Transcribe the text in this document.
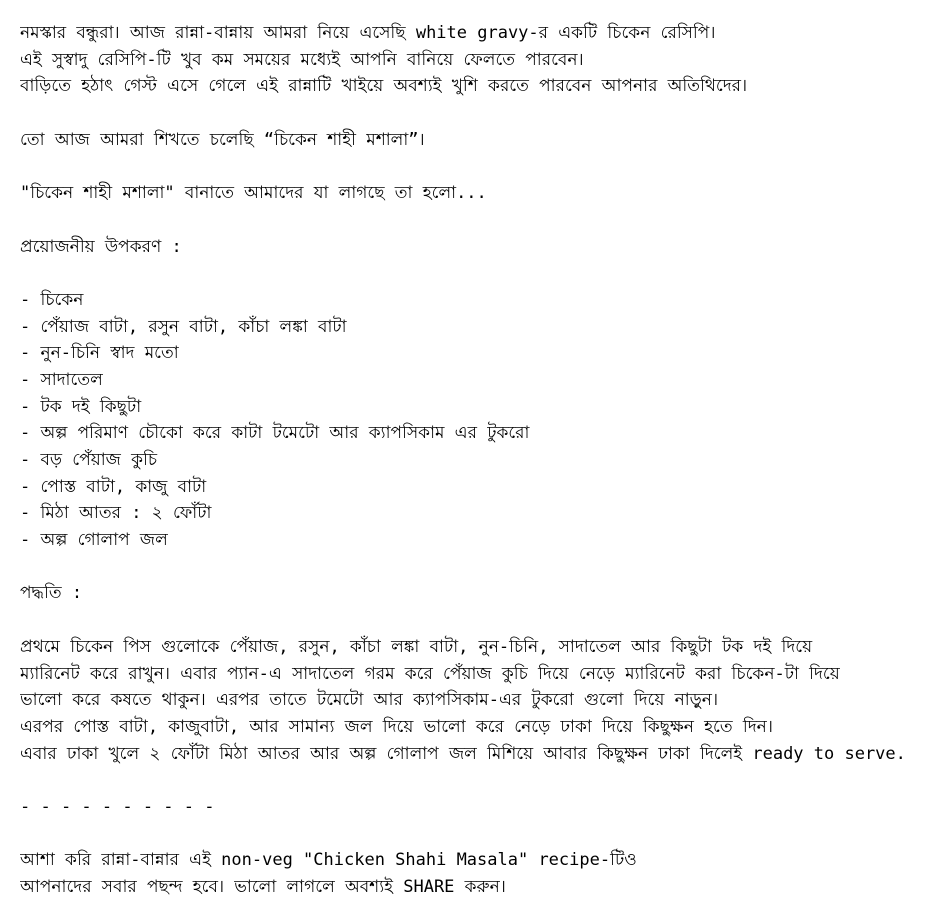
নমস্কার বন্ধুরা। আজ রান্না-বান্নায় আমরা নিয়ে এসেছি white gravy-র একটি চিকেন রেসিপি।
এই সুস্বাদু রেসিপি-টি খুব কম সময়ের মধ্যেই আপনি বানিয়ে ফেলতে পারবেন।
বাড়িতে হঠাৎ গেস্ট এসে গেলে এই রান্নাটি খাইয়ে অবশ্যই খুশি করতে পারবেন আপনার অতিথিদের।
তো আজ আমরা শিখতে চলেছি “চিকেন শাহী মশালা”।
"চিকেন শাহী মশালা" বানাতে আমাদের যা লাগছে তা হলো...
প্রয়োজনীয় উপকরণ :
- চিকেন
- পেঁয়াজ বাটা, রসুন বাটা, কাঁচা লঙ্কা বাটা
- নুন-চিনি স্বাদ মতো
- সাদাতেল
- টক দই কিছুটা
- অল্প পরিমাণ চৌকো করে কাটা টমেটো আর ক্যাপসিকাম এর টুকরো
- বড় পেঁয়াজ কুচি
- পোস্ত বাটা, কাজু বাটা
- মিঠা আতর : ২ ফোঁটা
- অল্প গোলাপ জল
পদ্ধতি :
প্রথমে চিকেন পিস গুলোকে পেঁয়াজ, রসুন, কাঁচা লঙ্কা বাটা, নুন-চিনি, সাদাতেল আর কিছুটা টক দই দিয়ে
ম্যারিনেট করে রাখুন। এবার প্যান-এ সাদাতেল গরম করে পেঁয়াজ কুচি দিয়ে নেড়ে ম্যারিনেট করা চিকেন-টা দিয়ে
ভালো করে কষতে থাকুন। এরপর তাতে টমেটো আর ক্যাপসিকাম-এর টুকরো গুলো দিয়ে নাড়ুন।
এরপর পোস্ত বাটা, কাজুবাটা, আর সামান্য জল দিয়ে ভালো করে নেড়ে ঢাকা দিয়ে কিছুক্ষন হতে দিন।
এবার ঢাকা খুলে ২ ফোঁটা মিঠা আতর আর অল্প গোলাপ জল মিশিয়ে আবার কিছুক্ষন ঢাকা দিলেই ready to serve.
- - - - - - - - - -
আশা করি রান্না-বান্নার এই non-veg "Chicken Shahi Masala" recipe-টিও
আপনাদের সবার পছন্দ হবে। ভালো লাগলে অবশ্যই SHARE করুন।
